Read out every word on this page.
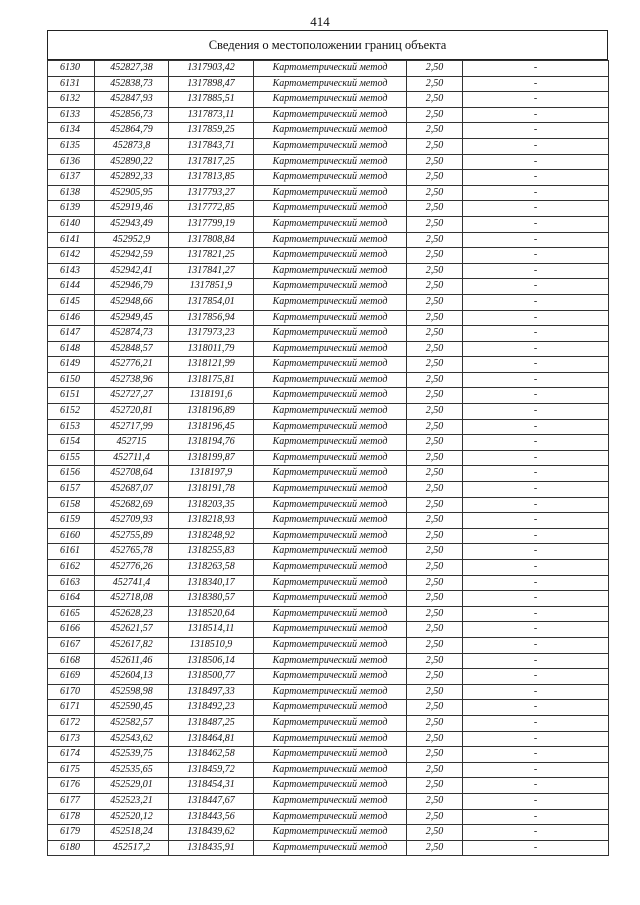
414
Сведения о местоположении границ объекта
6130	452827,38	1317903,42	Картометрический метод	2,50	-
6131	452838,73	1317898,47	Картометрический метод	2,50	-
6132	452847,93	1317885,51	Картометрический метод	2,50	-
6133	452856,73	1317873,11	Картометрический метод	2,50	-
6134	452864,79	1317859,25	Картометрический метод	2,50	-
6135	452873,8	1317843,71	Картометрический метод	2,50	-
6136	452890,22	1317817,25	Картометрический метод	2,50	-
6137	452892,33	1317813,85	Картометрический метод	2,50	-
6138	452905,95	1317793,27	Картометрический метод	2,50	-
6139	452919,46	1317772,85	Картометрический метод	2,50	-
6140	452943,49	1317799,19	Картометрический метод	2,50	-
6141	452952,9	1317808,84	Картометрический метод	2,50	-
6142	452942,59	1317821,25	Картометрический метод	2,50	-
6143	452942,41	1317841,27	Картометрический метод	2,50	-
6144	452946,79	1317851,9	Картометрический метод	2,50	-
6145	452948,66	1317854,01	Картометрический метод	2,50	-
6146	452949,45	1317856,94	Картометрический метод	2,50	-
6147	452874,73	1317973,23	Картометрический метод	2,50	-
6148	452848,57	1318011,79	Картометрический метод	2,50	-
6149	452776,21	1318121,99	Картометрический метод	2,50	-
6150	452738,96	1318175,81	Картометрический метод	2,50	-
6151	452727,27	1318191,6	Картометрический метод	2,50	-
6152	452720,81	1318196,89	Картометрический метод	2,50	-
6153	452717,99	1318196,45	Картометрический метод	2,50	-
6154	452715	1318194,76	Картометрический метод	2,50	-
6155	452711,4	1318199,87	Картометрический метод	2,50	-
6156	452708,64	1318197,9	Картометрический метод	2,50	-
6157	452687,07	1318191,78	Картометрический метод	2,50	-
6158	452682,69	1318203,35	Картометрический метод	2,50	-
6159	452709,93	1318218,93	Картометрический метод	2,50	-
6160	452755,89	1318248,92	Картометрический метод	2,50	-
6161	452765,78	1318255,83	Картометрический метод	2,50	-
6162	452776,26	1318263,58	Картометрический метод	2,50	-
6163	452741,4	1318340,17	Картометрический метод	2,50	-
6164	452718,08	1318380,57	Картометрический метод	2,50	-
6165	452628,23	1318520,64	Картометрический метод	2,50	-
6166	452621,57	1318514,11	Картометрический метод	2,50	-
6167	452617,82	1318510,9	Картометрический метод	2,50	-
6168	452611,46	1318506,14	Картометрический метод	2,50	-
6169	452604,13	1318500,77	Картометрический метод	2,50	-
6170	452598,98	1318497,33	Картометрический метод	2,50	-
6171	452590,45	1318492,23	Картометрический метод	2,50	-
6172	452582,57	1318487,25	Картометрический метод	2,50	-
6173	452543,62	1318464,81	Картометрический метод	2,50	-
6174	452539,75	1318462,58	Картометрический метод	2,50	-
6175	452535,65	1318459,72	Картометрический метод	2,50	-
6176	452529,01	1318454,31	Картометрический метод	2,50	-
6177	452523,21	1318447,67	Картометрический метод	2,50	-
6178	452520,12	1318443,56	Картометрический метод	2,50	-
6179	452518,24	1318439,62	Картометрический метод	2,50	-
6180	452517,2	1318435,91	Картометрический метод	2,50	-
